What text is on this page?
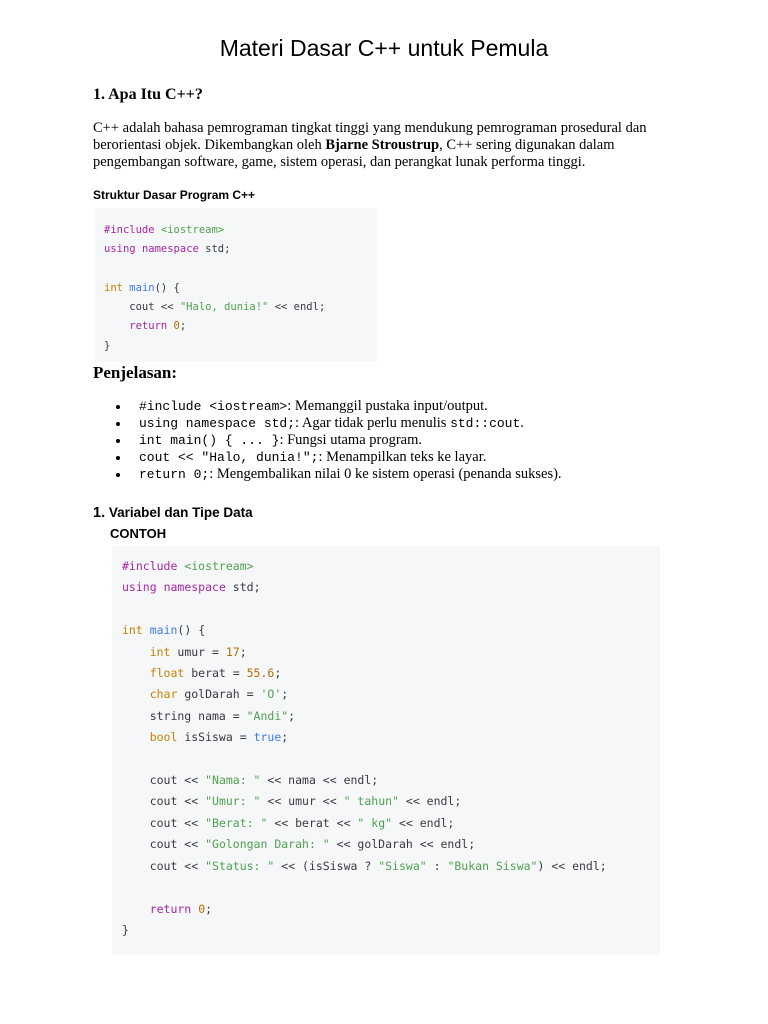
Materi Dasar C++ untuk Pemula
1. Apa Itu C++?
C++ adalah bahasa pemrograman tingkat tinggi yang mendukung pemrograman prosedural dan berorientasi objek. Dikembangkan oleh Bjarne Stroustrup, C++ sering digunakan dalam pengembangan software, game, sistem operasi, dan perangkat lunak performa tinggi.
Struktur Dasar Program C++
#include <iostream>
using namespace std;

int main() {
cout << "Halo, dunia!" << endl;
return 0;
}
Penjelasan:
#include <iostream>: Memanggil pustaka input/output.
using namespace std;: Agar tidak perlu menulis std::cout.
int main() { ... }: Fungsi utama program.
cout << "Halo, dunia!";: Menampilkan teks ke layar.
return 0;: Mengembalikan nilai 0 ke sistem operasi (penanda sukses).
1. Variabel dan Tipe Data
CONTOH
#include <iostream>
using namespace std;

int main() {
int umur = 17;
float berat = 55.6;
char golDarah = 'O';
string nama = "Andi";
bool isSiswa = true;

cout << "Nama: " << nama << endl;
cout << "Umur: " << umur << " tahun" << endl;
cout << "Berat: " << berat << " kg" << endl;
cout << "Golongan Darah: " << golDarah << endl;
cout << "Status: " << (isSiswa ? "Siswa" : "Bukan Siswa") << endl;

return 0;
}
